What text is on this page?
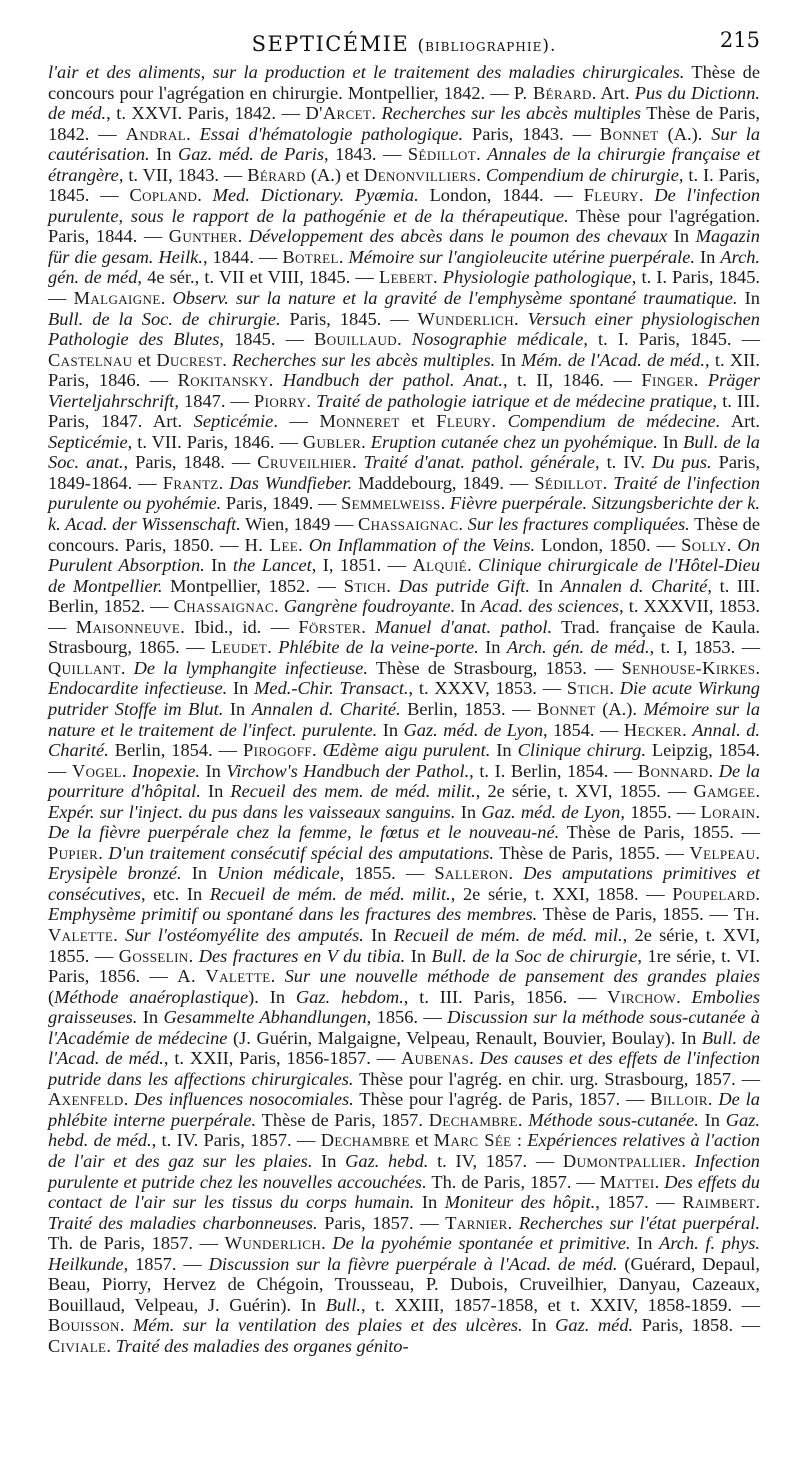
SEPTICÉMIE (bibliographie).	215

l'air et des aliments, sur la production et le traitement des maladies chirurgicales. Thèse de concours pour l'agrégation en chirurgie. Montpellier, 1842. — P. Bérard. Art. Pus du Dictionn. de méd., t. XXVI. Paris, 1842. — D'Arcet. Recherches sur les abcès multiples Thèse de Paris, 1842. — Andral. Essai d'hématologie pathologique. Paris, 1843. — Bonnet (A.). Sur la cautérisation. In Gaz. méd. de Paris, 1843. — Sédillot. Annales de la chirurgie française et étrangère, t. VII, 1843. — Bérard (A.) et Denonvilliers. Compendium de chirurgie, t. I. Paris, 1845. — Copland. Med. Dictionary. Pyæmia. London, 1844. — Fleury. De l'infection purulente, sous le rapport de la pathogénie et de la thérapeutique. Thèse pour l'agrégation. Paris, 1844. — Gunther. Développement des abcès dans le poumon des chevaux In Magazin für die gesam. Heilk., 1844. — Botrel. Mémoire sur l'angioleucite utérine puerpérale. In Arch. gén. de méd, 4e sér., t. VII et VIII, 1845. — Lebert. Physiologie pathologique, t. I. Paris, 1845. — Malgaigne. Observ. sur la nature et la gravité de l'emphysème spontané traumatique. In Bull. de la Soc. de chirurgie. Paris, 1845. — Wunderlich. Versuch einer physiologischen Pathologie des Blutes, 1845. — Bouillaud. Nosographie médicale, t. I. Paris, 1845. — Castelnau et Ducrest. Recherches sur les abcès multiples. In Mém. de l'Acad. de méd., t. XII. Paris, 1846. — Rokitansky. Handbuch der pathol. Anat., t. II, 1846. — Finger. Präger Vierteljahrschrift, 1847. — Piorry. Traité de pathologie iatrique et de médecine pratique, t. III. Paris, 1847. Art. Septicémie. — Monneret et Fleury. Compendium de médecine. Art. Septicémie, t. VII. Paris, 1846. — Gubler. Eruption cutanée chez un pyohémique. In Bull. de la Soc. anat., Paris, 1848. — Cruveilhier. Traité d'anat. pathol. générale, t. IV. Du pus. Paris, 1849-1864. — Frantz. Das Wundfieber. Maddebourg, 1849. — Sédillot. Traité de l'infection purulente ou pyohémie. Paris, 1849. — Semmelweiss. Fièvre puerpérale. Sitzungsberichte der k. k. Acad. der Wissenschaft. Wien, 1849 — Chassaignac. Sur les fractures compliquées. Thèse de concours. Paris, 1850. — H. Lee. On Inflammation of the Veins. London, 1850. — Solly. On Purulent Absorption. In the Lancet, I, 1851. — Alquié. Clinique chirurgicale de l'Hôtel-Dieu de Montpellier. Montpellier, 1852. — Stich. Das putride Gift. In Annalen d. Charité, t. III. Berlin, 1852. — Chassaignac. Gangrène foudroyante. In Acad. des sciences, t. XXXVII, 1853. — Maisonneuve. Ibid., id. — Förster. Manuel d'anat. pathol. Trad. française de Kaula. Strasbourg, 1865. — Leudet. Phlébite de la veine-porte. In Arch. gén. de méd., t. I, 1853. — Quillant. De la lymphangite infectieuse. Thèse de Strasbourg, 1853. — Senhouse-Kirkes. Endocardite infectieuse. In Med.-Chir. Transact., t. XXXV, 1853. — Stich. Die acute Wirkung putrider Stoffe im Blut. In Annalen d. Charité. Berlin, 1853. — Bonnet (A.). Mémoire sur la nature et le traitement de l'infect. purulente. In Gaz. méd. de Lyon, 1854. — Hecker. Annal. d. Charité. Berlin, 1854. — Pirogoff. Œdème aigu purulent. In Clinique chirurg. Leipzig, 1854. — Vogel. Inopexie. In Virchow's Handbuch der Pathol., t. I. Berlin, 1854. — Bonnard. De la pourriture d'hôpital. In Recueil des mem. de méd. milit., 2e série, t. XVI, 1855. — Gamgee. Expér. sur l'inject. du pus dans les vaisseaux sanguins. In Gaz. méd. de Lyon, 1855. — Lorain. De la fièvre puerpérale chez la femme, le fœtus et le nouveau-né. Thèse de Paris, 1855. — Pupier. D'un traitement consécutif spécial des amputations. Thèse de Paris, 1855. — Velpeau. Erysipèle bronzé. In Union médicale, 1855. — Salleron. Des amputations primitives et consécutives, etc. In Recueil de mém. de méd. milit., 2e série, t. XXI, 1858. — Poupelard. Emphysème primitif ou spontané dans les fractures des membres. Thèse de Paris, 1855. — Th. Valette. Sur l'ostéomyélite des amputés. In Recueil de mém. de méd. mil., 2e série, t. XVI, 1855. — Gosselin. Des fractures en V du tibia. In Bull. de la Soc de chirurgie, 1re série, t. VI. Paris, 1856. — A. Valette. Sur une nouvelle méthode de pansement des grandes plaies (Méthode anaéroplastique). In Gaz. hebdom., t. III. Paris, 1856. — Virchow. Embolies graisseuses. In Gesammelte Abhandlungen, 1856. — Discussion sur la méthode sous-cutanée à l'Académie de médecine (J. Guérin, Malgaigne, Velpeau, Renault, Bouvier, Boulay). In Bull. de l'Acad. de méd., t. XXII, Paris, 1856-1857. — Aubenas. Des causes et des effets de l'infection putride dans les affections chirurgicales. Thèse pour l'agrég. en chir. urg. Strasbourg, 1857. — Axenfeld. Des influences nosocomiales. Thèse pour l'agrég. de Paris, 1857. — Billoir. De la phlébite interne puerpérale. Thèse de Paris, 1857. Dechambre. Méthode sous-cutanée. In Gaz. hebd. de méd., t. IV. Paris, 1857. — Dechambre et Marc Sée : Expériences relatives à l'action de l'air et des gaz sur les plaies. In Gaz. hebd. t. IV, 1857. — Dumontpallier. Infection purulente et putride chez les nouvelles accouchées. Th. de Paris, 1857. — Mattei. Des effets du contact de l'air sur les tissus du corps humain. In Moniteur des hôpit., 1857. — Raimbert. Traité des maladies charbonneuses. Paris, 1857. — Tarnier. Recherches sur l'état puerpéral. Th. de Paris, 1857. — Wunderlich. De la pyohémie spontanée et primitive. In Arch. f. phys. Heilkunde, 1857. — Discussion sur la fièvre puerpérale à l'Acad. de méd. (Guérard, Depaul, Beau, Piorry, Hervez de Chégoin, Trousseau, P. Dubois, Cruveilhier, Danyau, Cazeaux, Bouillaud, Velpeau, J. Guérin). In Bull., t. XXIII, 1857-1858, et t. XXIV, 1858-1859. — Bouisson. Mém. sur la ventilation des plaies et des ulcères. In Gaz. méd. Paris, 1858. — Civiale. Traité des maladies des organes génito-
